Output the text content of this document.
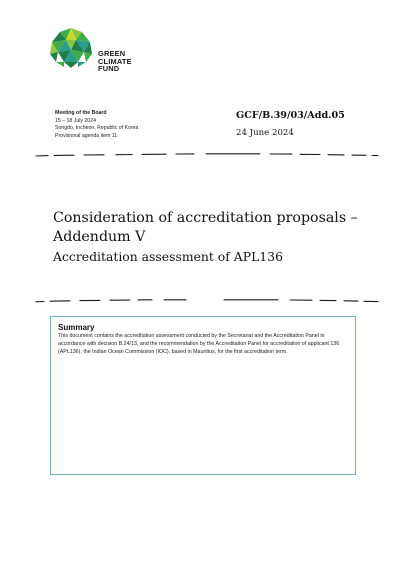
GREEN
CLIMATE
FUND
Meeting of the Board
15 – 18 July 2024
Songdo, Incheon, Republic of Korea
Provisional agenda item 11
GCF/B.39/03/Add.05
24 June 2024
Consideration of accreditation proposals –
Addendum V
Accreditation assessment of APL136
Summary
This document contains the accreditation assessment conducted by the Secretariat and the Accreditation Panel in accordance with decision B.24/13, and the recommendation by the Accreditation Panel for accreditation of applicant 136 (APL136), the Indian Ocean Commission (IOC), based in Mauritius, for the first accreditation term.
